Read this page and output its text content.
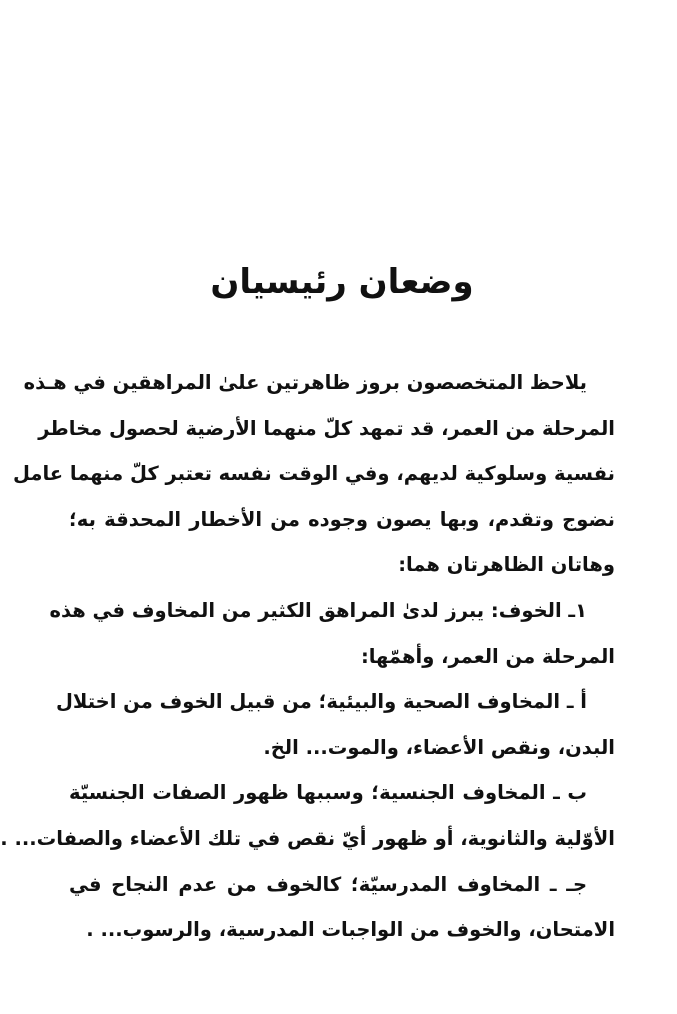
وضعان رئيسيان
يلاحظ المتخصصون بروز ظاهرتين علىٰ المراهقين في هـذه
المرحلة من العمر، قد تمهد كلّ منهما الأرضية لحصول مخاطر
نفسية وسلوكية لديهم، وفي الوقت نفسه تعتبر كلّ منهما عامل
نضوج وتقدم، وبها يصون وجوده من الأخطار المحدقة به؛
وهاتان الظاهرتان هما:
١ـ الخوف: يبرز لدىٰ المراهق الكثير من المخاوف في هذه
المرحلة من العمر، وأهمّها:
أ ـ المخاوف الصحية والبيئية؛ من قبيل الخوف من اختلال
البدن، ونقص الأعضاء، والموت... الخ.
ب ـ المخاوف الجنسية؛ وسببها ظهور الصفات الجنسيّة
الأوّلية والثانوية، أو ظهور أيّ نقص في تلك الأعضاء والصفات... .
جـ ـ المخاوف المدرسيّة؛ كالخوف من عدم النجاح في
الامتحان، والخوف من الواجبات المدرسية، والرسوب... .
